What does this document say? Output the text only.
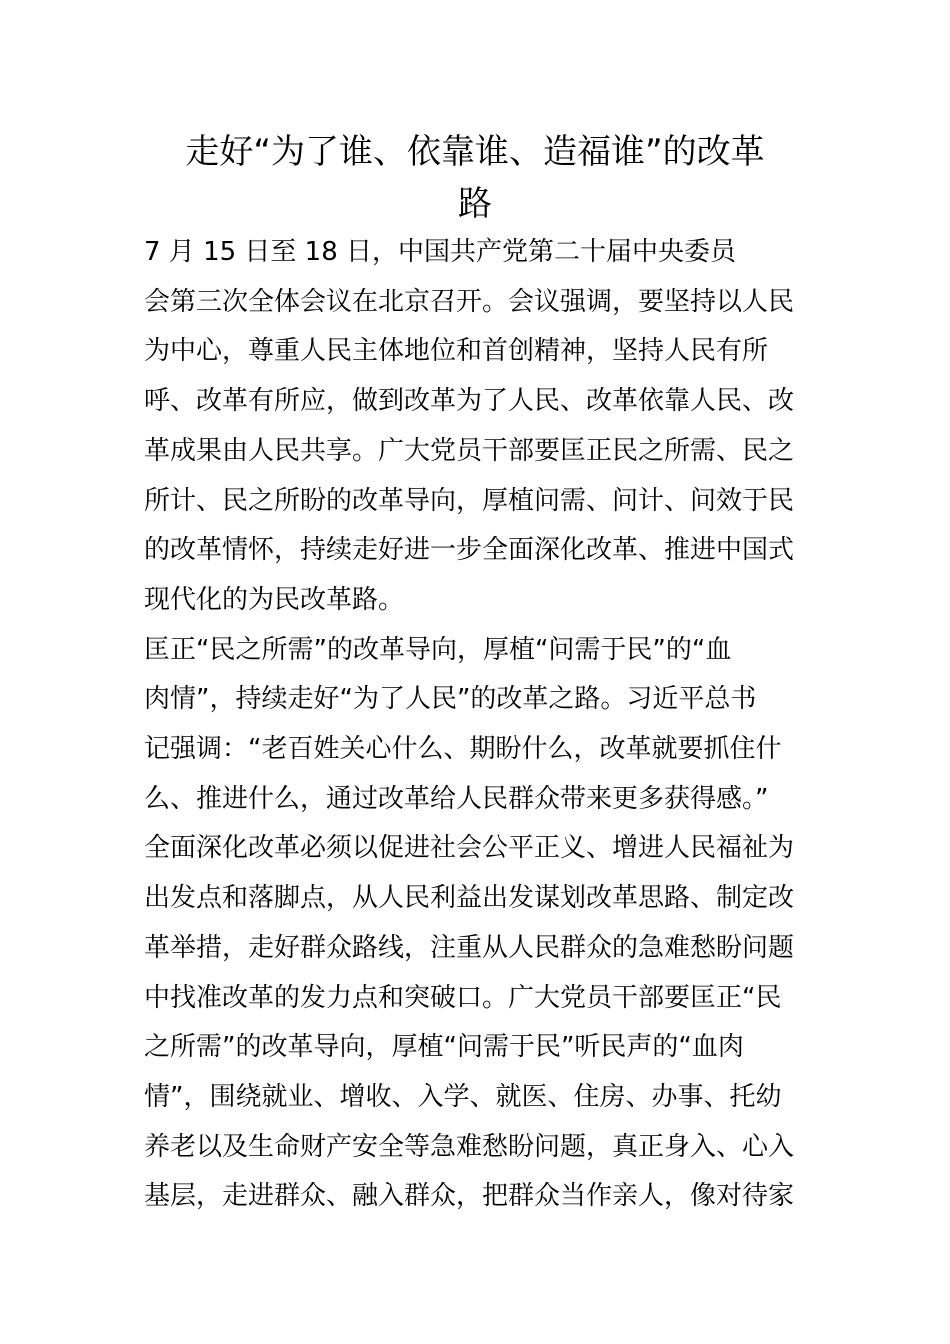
走好“为了谁、依靠谁、造福谁”的改革
路

7 月 15 日至 18 日，中国共产党第二十届中央委员
会第三次全体会议在北京召开。会议强调，要坚持以人民
为中心，尊重人民主体地位和首创精神，坚持人民有所
呼、改革有所应，做到改革为了人民、改革依靠人民、改
革成果由人民共享。广大党员干部要匡正民之所需、民之
所计、民之所盼的改革导向，厚植问需、问计、问效于民
的改革情怀，持续走好进一步全面深化改革、推进中国式
现代化的为民改革路。

匡正“民之所需”的改革导向，厚植“问需于民”的“血
肉情”，持续走好“为了人民”的改革之路。习近平总书
记强调：“老百姓关心什么、期盼什么，改革就要抓住什
么、推进什么，通过改革给人民群众带来更多获得感。”
全面深化改革必须以促进社会公平正义、增进人民福祉为
出发点和落脚点，从人民利益出发谋划改革思路、制定改
革举措，走好群众路线，注重从人民群众的急难愁盼问题
中找准改革的发力点和突破口。广大党员干部要匡正“民
之所需”的改革导向，厚植“问需于民”听民声的“血肉
情”，围绕就业、增收、入学、就医、住房、办事、托幼
养老以及生命财产安全等急难愁盼问题，真正身入、心入
基层，走进群众、融入群众，把群众当作亲人，像对待家
